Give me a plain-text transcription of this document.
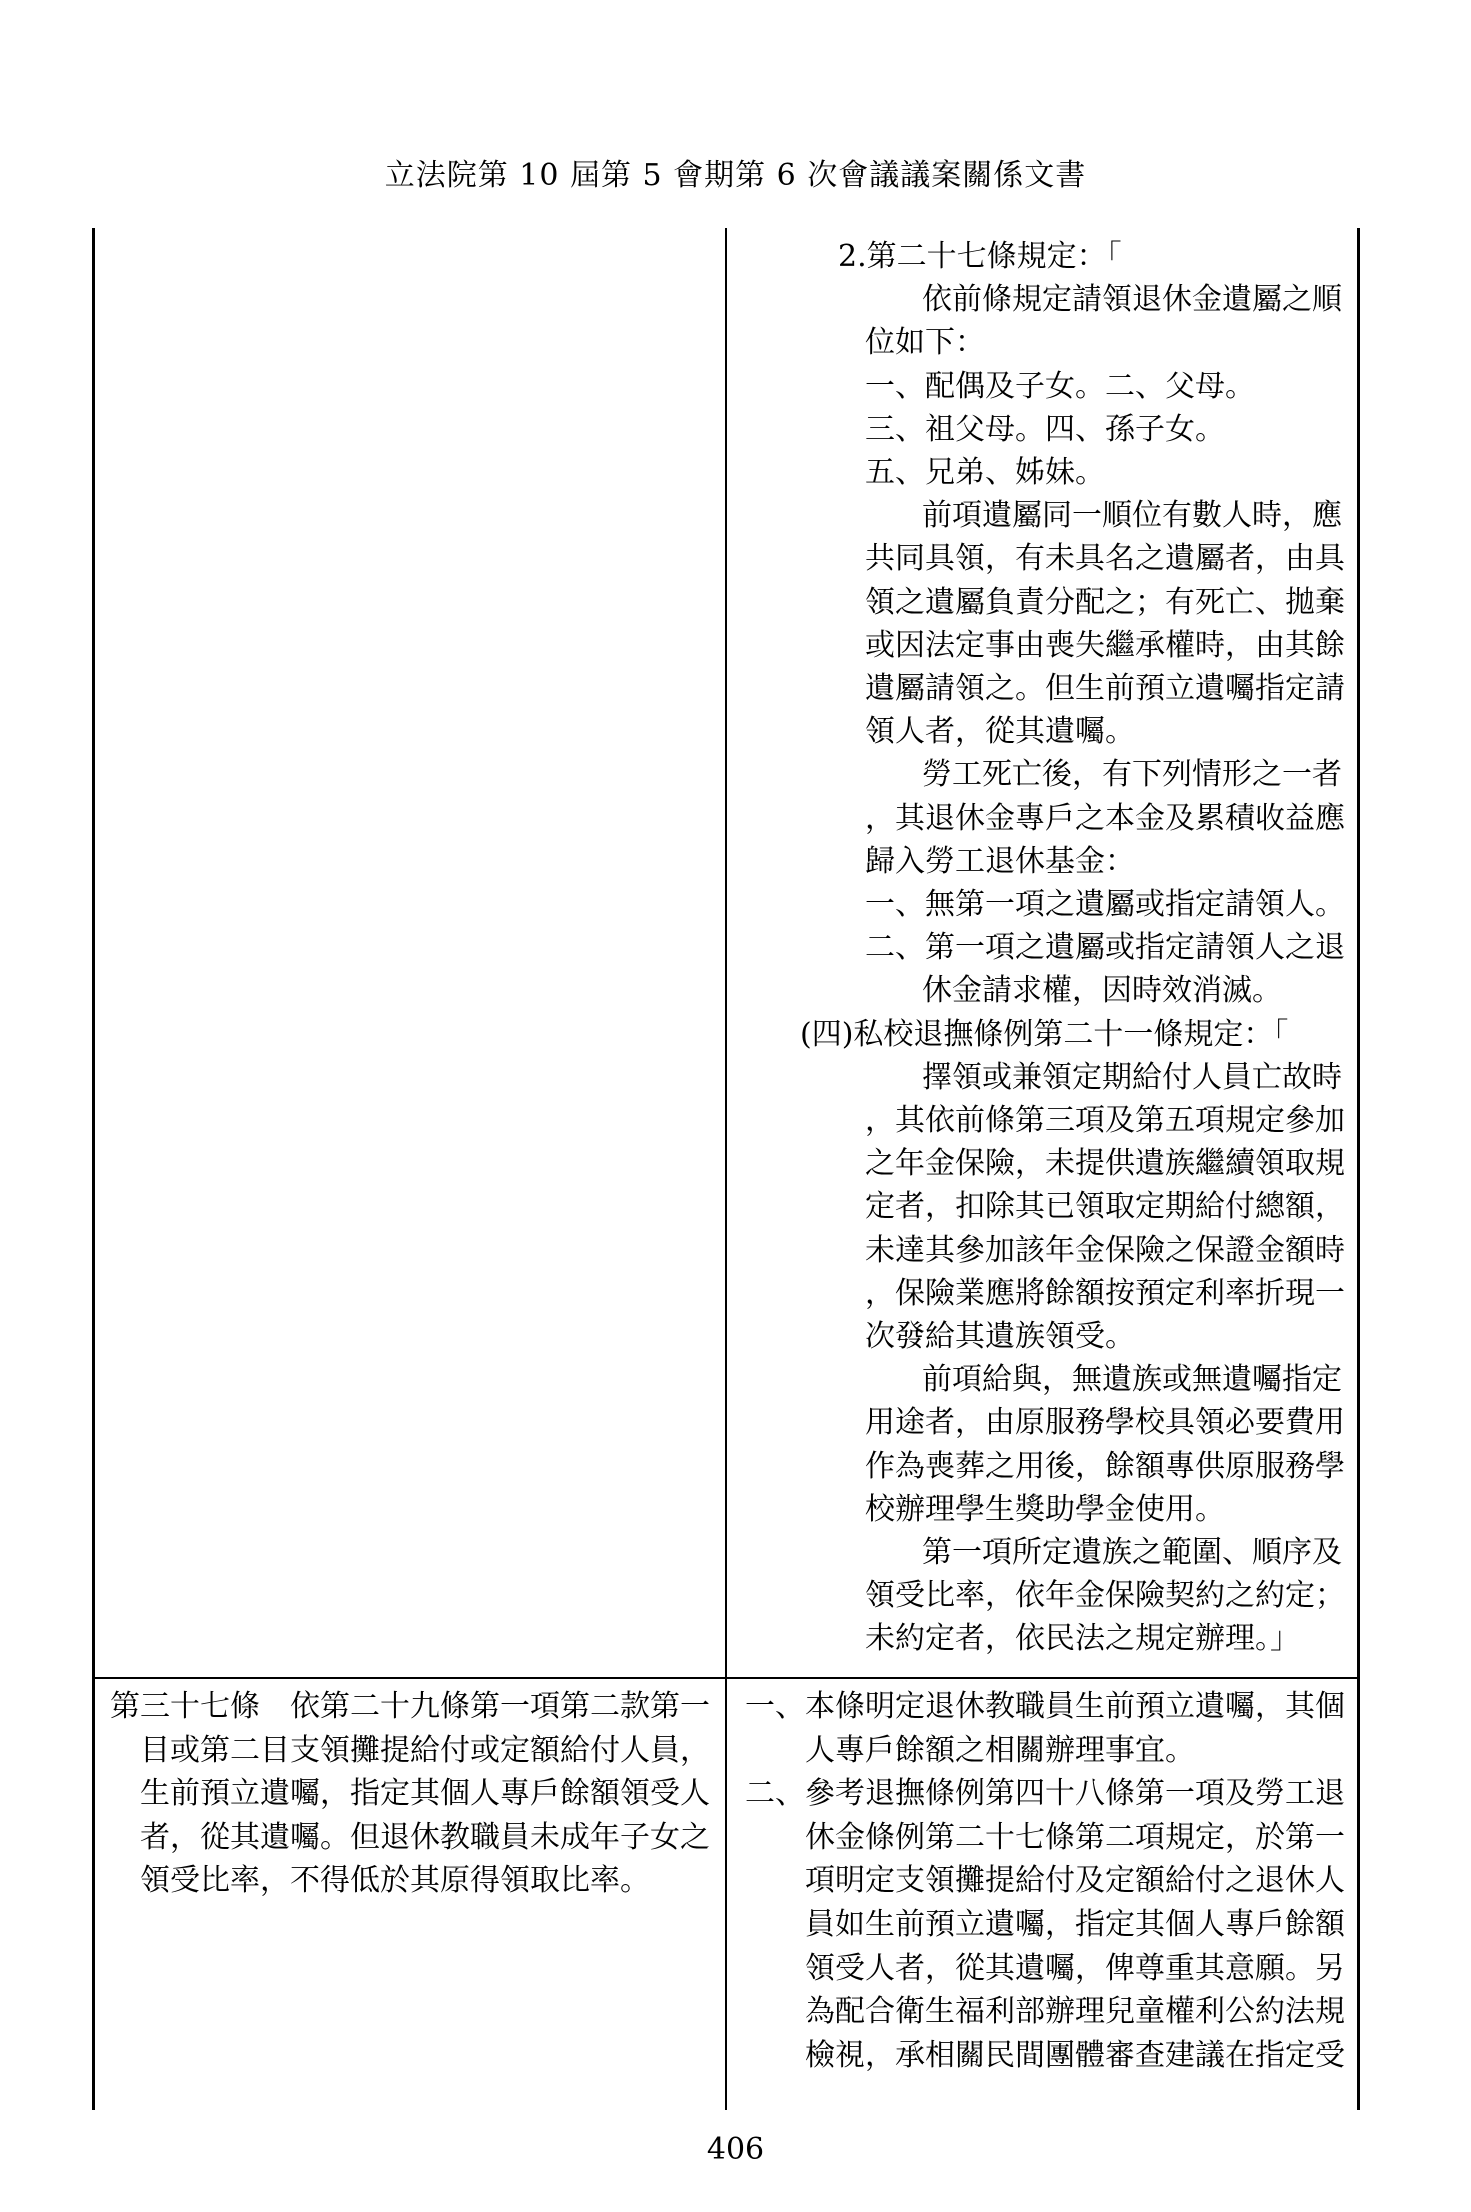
立法院第 10 屆第 5 會期第 6 次會議議案關係文書
2.第二十七條規定：「
依前條規定請領退休金遺屬之順
位如下：
一、配偶及子女。二、父母。
三、祖父母。四、孫子女。
五、兄弟、姊妹。
前項遺屬同一順位有數人時，應
共同具領，有未具名之遺屬者，由具
領之遺屬負責分配之；有死亡、拋棄
或因法定事由喪失繼承權時，由其餘
遺屬請領之。但生前預立遺囑指定請
領人者，從其遺囑。
勞工死亡後，有下列情形之一者
，其退休金專戶之本金及累積收益應
歸入勞工退休基金：
一、無第一項之遺屬或指定請領人。
二、第一項之遺屬或指定請領人之退
休金請求權，因時效消滅。
(四)私校退撫條例第二十一條規定：「
擇領或兼領定期給付人員亡故時
，其依前條第三項及第五項規定參加
之年金保險，未提供遺族繼續領取規
定者，扣除其已領取定期給付總額，
未達其參加該年金保險之保證金額時
，保險業應將餘額按預定利率折現一
次發給其遺族領受。
前項給與，無遺族或無遺囑指定
用途者，由原服務學校具領必要費用
作為喪葬之用後，餘額專供原服務學
校辦理學生獎助學金使用。
第一項所定遺族之範圍、順序及
領受比率，依年金保險契約之約定；
未約定者，依民法之規定辦理。」
第三十七條　依第二十九條第一項第二款第一
目或第二目支領攤提給付或定額給付人員，
生前預立遺囑，指定其個人專戶餘額領受人
者，從其遺囑。但退休教職員未成年子女之
領受比率，不得低於其原得領取比率。
一、本條明定退休教職員生前預立遺囑，其個
人專戶餘額之相關辦理事宜。
二、參考退撫條例第四十八條第一項及勞工退
休金條例第二十七條第二項規定，於第一
項明定支領攤提給付及定額給付之退休人
員如生前預立遺囑，指定其個人專戶餘額
領受人者，從其遺囑，俾尊重其意願。另
為配合衛生福利部辦理兒童權利公約法規
檢視，承相關民間團體審查建議在指定受
406
